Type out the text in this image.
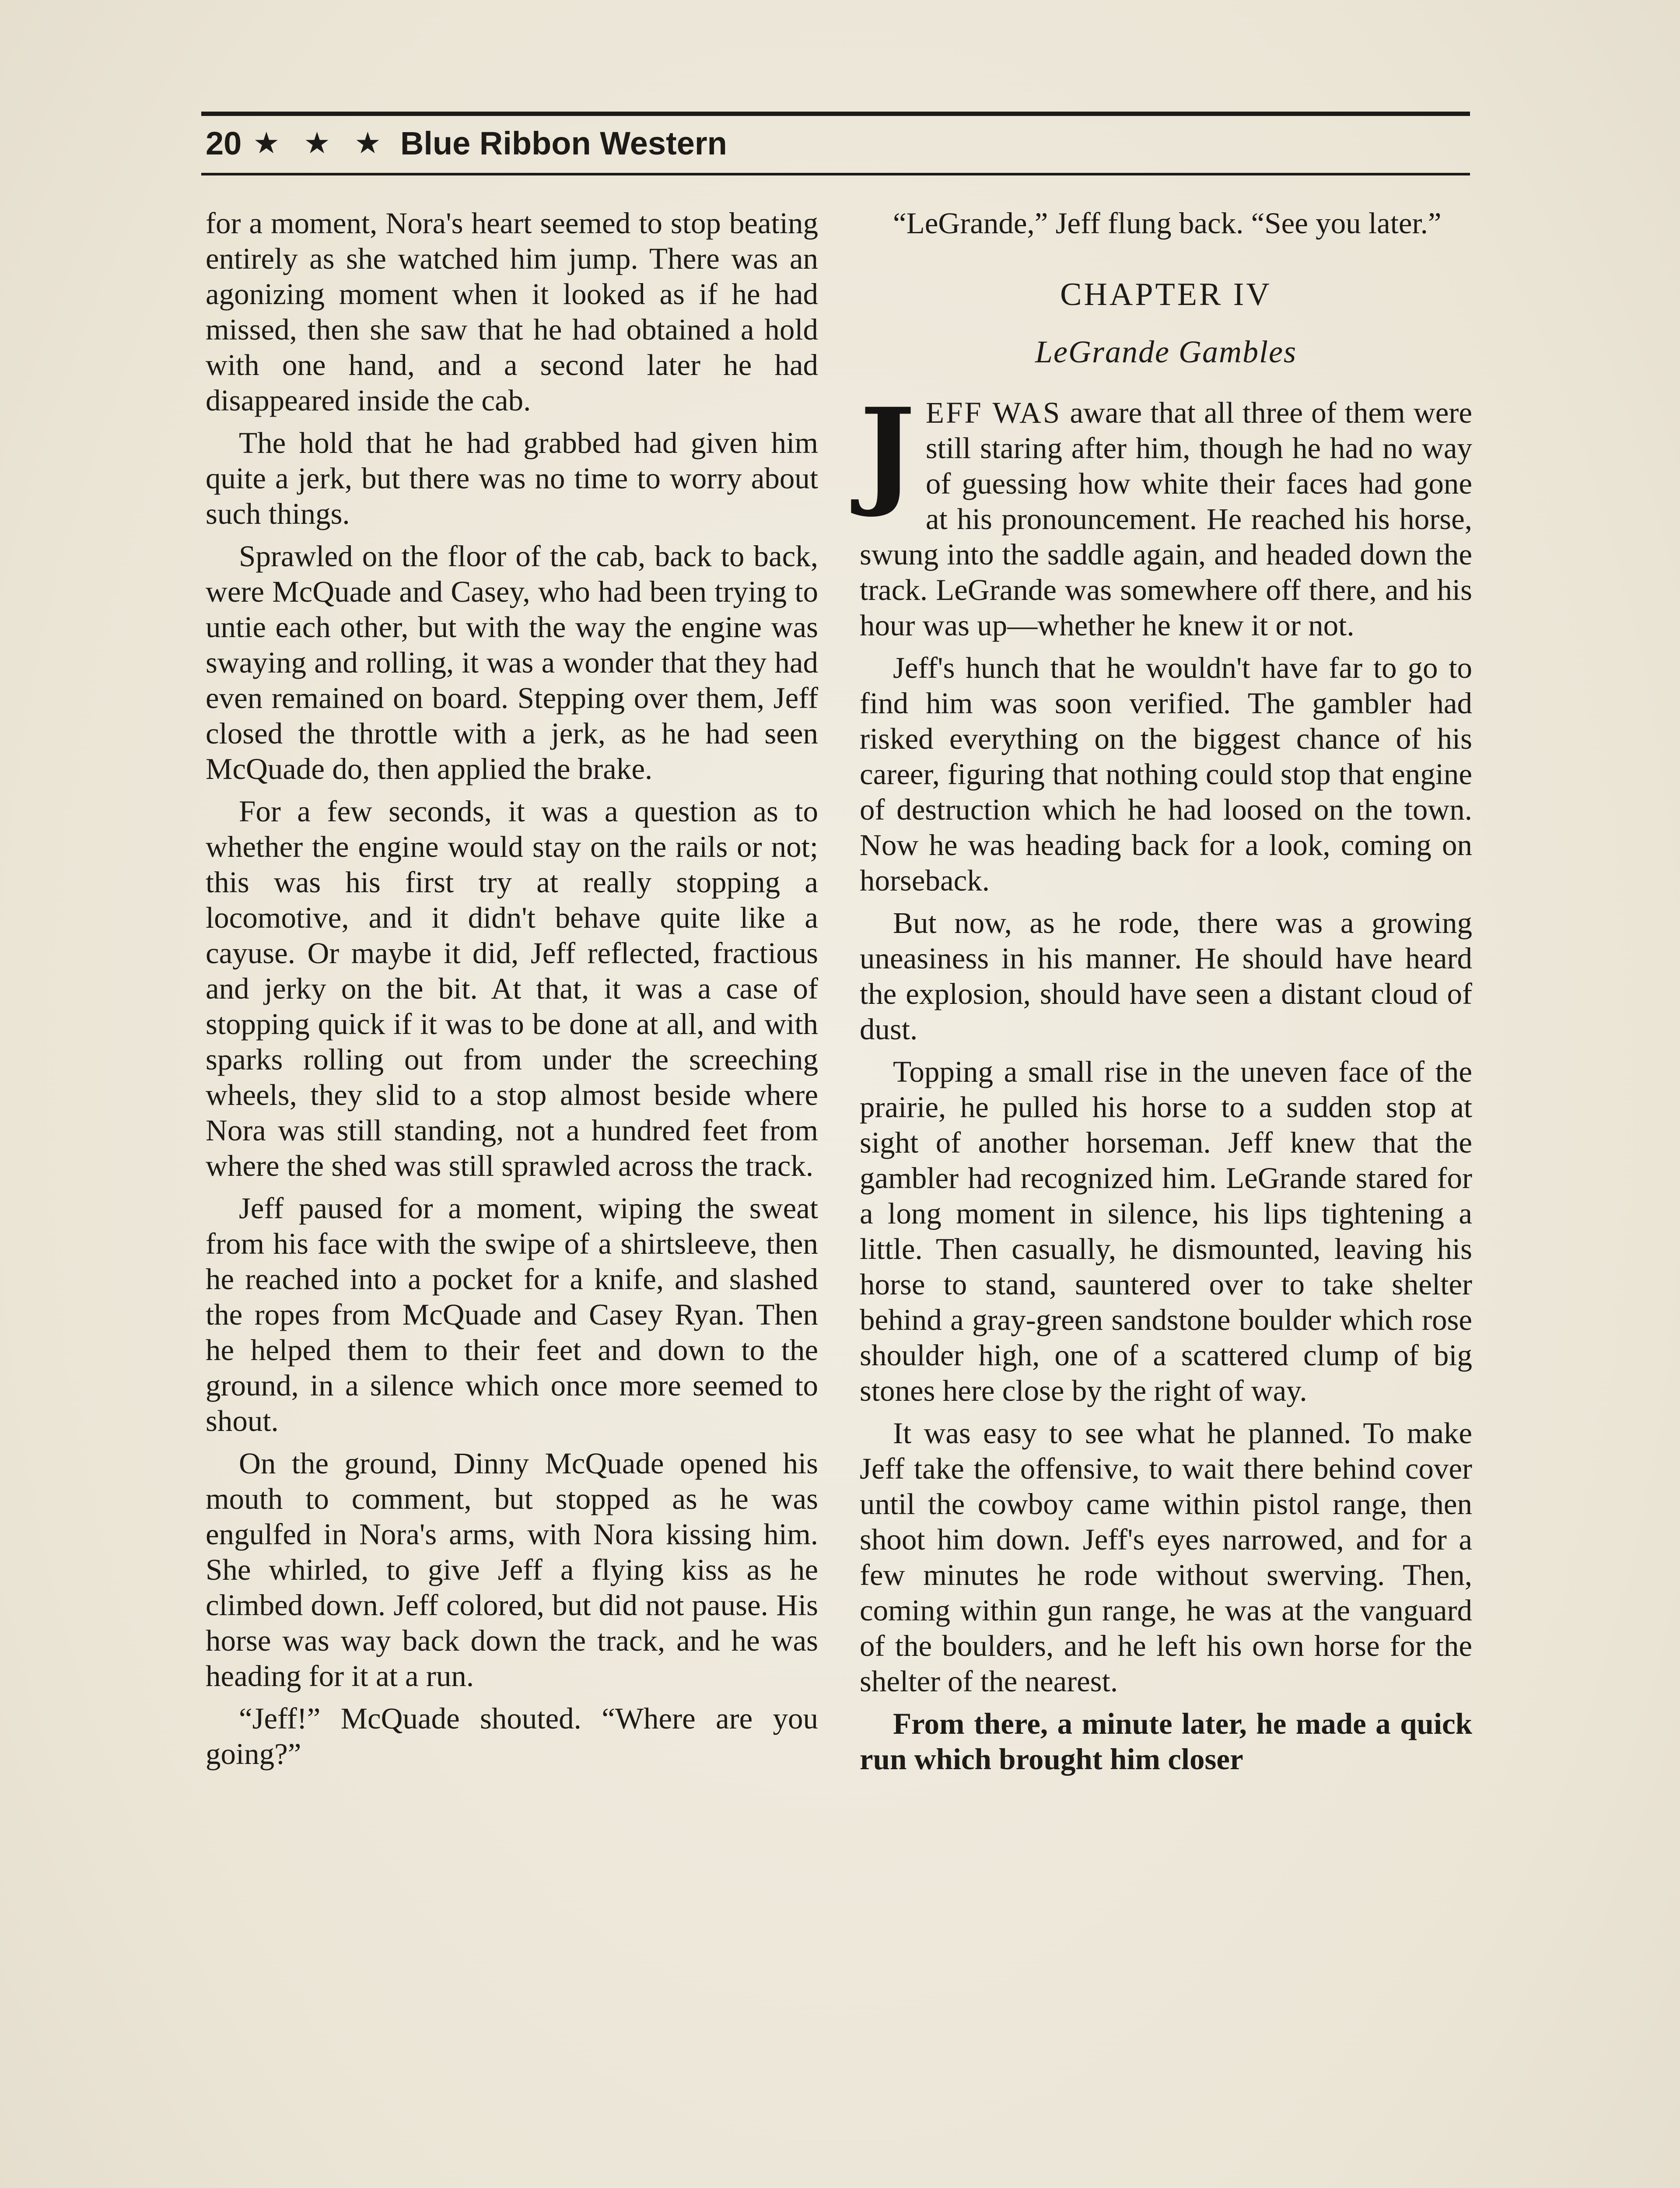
20 ★ ★ ★ Blue Ribbon Western

for a moment, Nora's heart seemed to stop beating entirely as she watched him jump. There was an agonizing moment when it looked as if he had missed, then she saw that he had obtained a hold with one hand, and a second later he had disappeared inside the cab.

The hold that he had grabbed had given him quite a jerk, but there was no time to worry about such things.

Sprawled on the floor of the cab, back to back, were McQuade and Casey, who had been trying to untie each other, but with the way the engine was swaying and rolling, it was a wonder that they had even remained on board. Stepping over them, Jeff closed the throttle with a jerk, as he had seen McQuade do, then applied the brake.

For a few seconds, it was a question as to whether the engine would stay on the rails or not; this was his first try at really stopping a locomotive, and it didn't behave quite like a cayuse. Or maybe it did, Jeff reflected, fractious and jerky on the bit. At that, it was a case of stopping quick if it was to be done at all, and with sparks rolling out from under the screeching wheels, they slid to a stop almost beside where Nora was still standing, not a hundred feet from where the shed was still sprawled across the track.

Jeff paused for a moment, wiping the sweat from his face with the swipe of a shirtsleeve, then he reached into a pocket for a knife, and slashed the ropes from McQuade and Casey Ryan. Then he helped them to their feet and down to the ground, in a silence which once more seemed to shout.

On the ground, Dinny McQuade opened his mouth to comment, but stopped as he was engulfed in Nora's arms, with Nora kissing him. She whirled, to give Jeff a flying kiss as he climbed down. Jeff colored, but did not pause. His horse was way back down the track, and he was heading for it at a run.

“Jeff!” McQuade shouted. “Where are you going?”

“LeGrande,” Jeff flung back. “See you later.”

CHAPTER IV
LeGrande Gambles

JEFF WAS aware that all three of them were still staring after him, though he had no way of guessing how white their faces had gone at his pronouncement. He reached his horse, swung into the saddle again, and headed down the track. LeGrande was somewhere off there, and his hour was up—whether he knew it or not.

Jeff's hunch that he wouldn't have far to go to find him was soon verified. The gambler had risked everything on the biggest chance of his career, figuring that nothing could stop that engine of destruction which he had loosed on the town. Now he was heading back for a look, coming on horseback.

But now, as he rode, there was a growing uneasiness in his manner. He should have heard the explosion, should have seen a distant cloud of dust.

Topping a small rise in the uneven face of the prairie, he pulled his horse to a sudden stop at sight of another horseman. Jeff knew that the gambler had recognized him. LeGrande stared for a long moment in silence, his lips tightening a little. Then casually, he dismounted, leaving his horse to stand, sauntered over to take shelter behind a gray-green sandstone boulder which rose shoulder high, one of a scattered clump of big stones here close by the right of way.

It was easy to see what he planned. To make Jeff take the offensive, to wait there behind cover until the cowboy came within pistol range, then shoot him down. Jeff's eyes narrowed, and for a few minutes he rode without swerving. Then, coming within gun range, he was at the vanguard of the boulders, and he left his own horse for the shelter of the nearest.

From there, a minute later, he made a quick run which brought him closer
